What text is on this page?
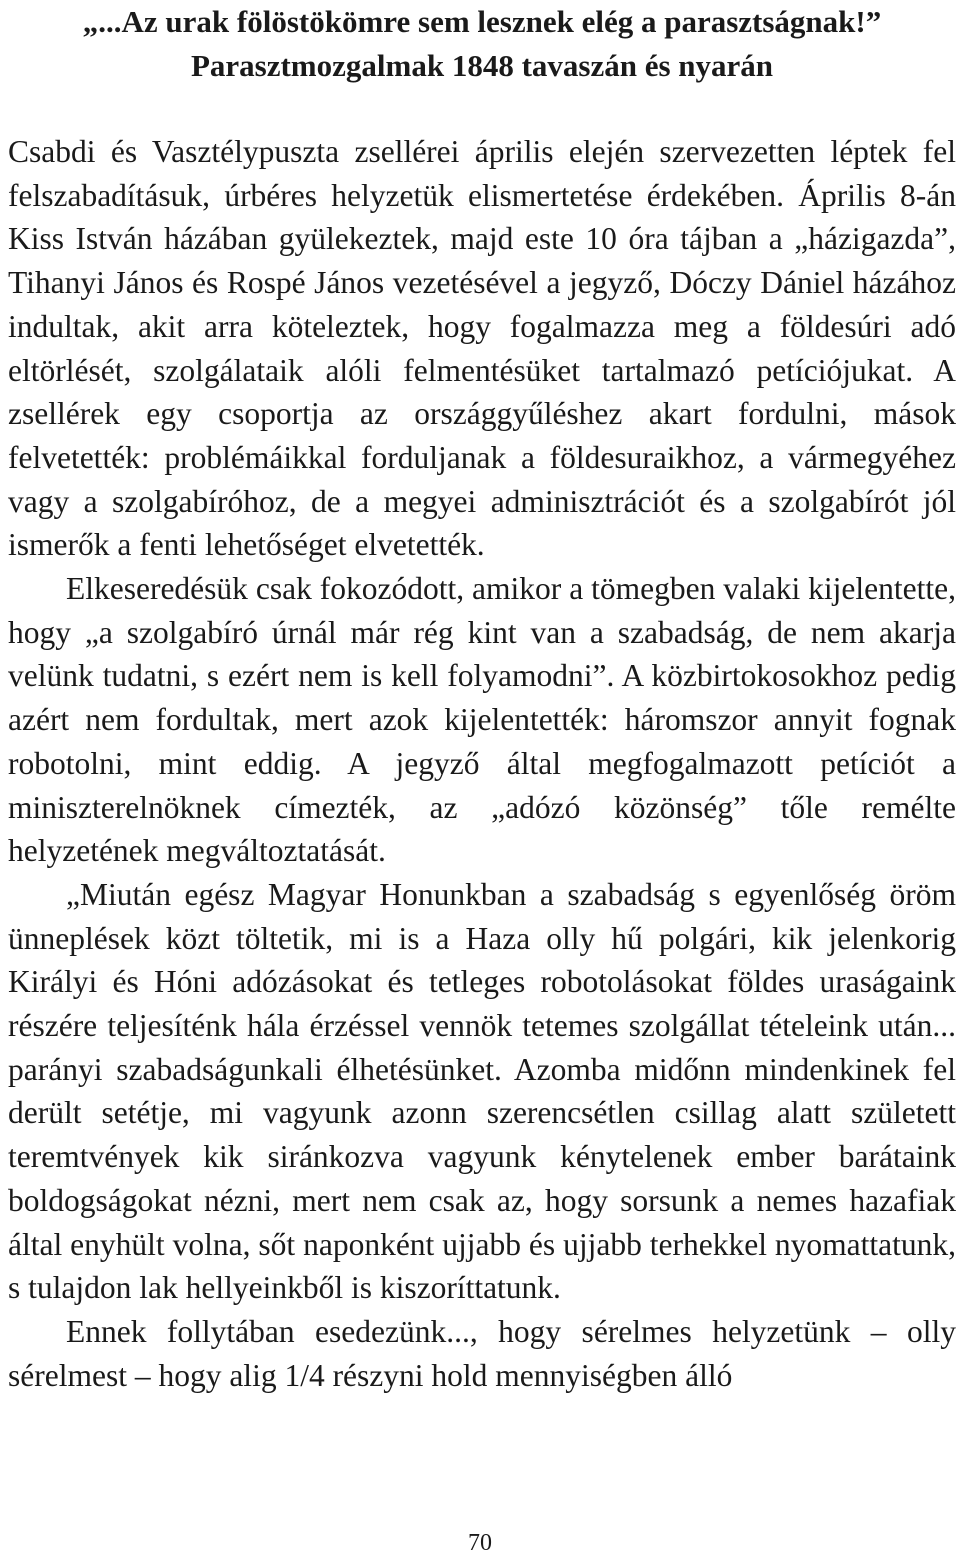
„...Az urak fölöstökömre sem lesznek elég a parasztságnak!”
Parasztmozgalmak 1848 tavaszán és nyarán

Csabdi és Vasztélypuszta zsellérei április elején szervezetten léptek fel felszabadításuk, úrbéres helyzetük elismertetése érdekében. Április 8-án Kiss István házában gyülekeztek, majd este 10 óra tájban a „házigazda”, Tihanyi János és Rospé János vezetésével a jegyző, Dóczy Dániel házához indultak, akit arra köteleztek, hogy fogalmazza meg a földesúri adó eltörlését, szolgálataik alóli felmentésüket tartalmazó petíciójukat. A zsellérek egy csoportja az országgyűléshez akart fordulni, mások felvetették: problémáikkal forduljanak a földesuraikhoz, a vármegyéhez vagy a szolgabíróhoz, de a megyei adminisztrációt és a szolgabírót jól ismerők a fenti lehetőséget elvetették.

Elkeseredésük csak fokozódott, amikor a tömegben valaki kijelentette, hogy „a szolgabíró úrnál már rég kint van a szabadság, de nem akarja velünk tudatni, s ezért nem is kell folyamodni”. A közbirtokosokhoz pedig azért nem fordultak, mert azok kijelentették: háromszor annyit fognak robotolni, mint eddig. A jegyző által megfogalmazott petíciót a miniszterelnöknek címezték, az „adózó közönség” tőle remélte helyzetének megváltoztatását.

„Miután egész Magyar Honunkban a szabadság s egyenlőség öröm ünneplések közt töltetik, mi is a Haza olly hű polgári, kik jelenkorig Királyi és Hóni adózásokat és tetleges robotolásokat földes uraságaink részére teljesíténk hála érzéssel vennök tetemes szolgállat tételeink után... parányi szabadságunkali élhetésünket. Azomba midőnn mindenkinek fel derült setétje, mi vagyunk azonn szerencsétlen csillag alatt született teremtvények kik siránkozva vagyunk kénytelenek ember barátaink boldogságokat nézni, mert nem csak az, hogy sorsunk a nemes hazafiak által enyhült volna, sőt naponként ujjabb és ujjabb terhekkel nyomattatunk, s tulajdon lak hellyeinkből is kiszoríttatunk.

Ennek follytában esedezünk..., hogy sérelmes helyzetünk – olly sérelmest – hogy alig 1/4 részyni hold mennyiségben álló

70
